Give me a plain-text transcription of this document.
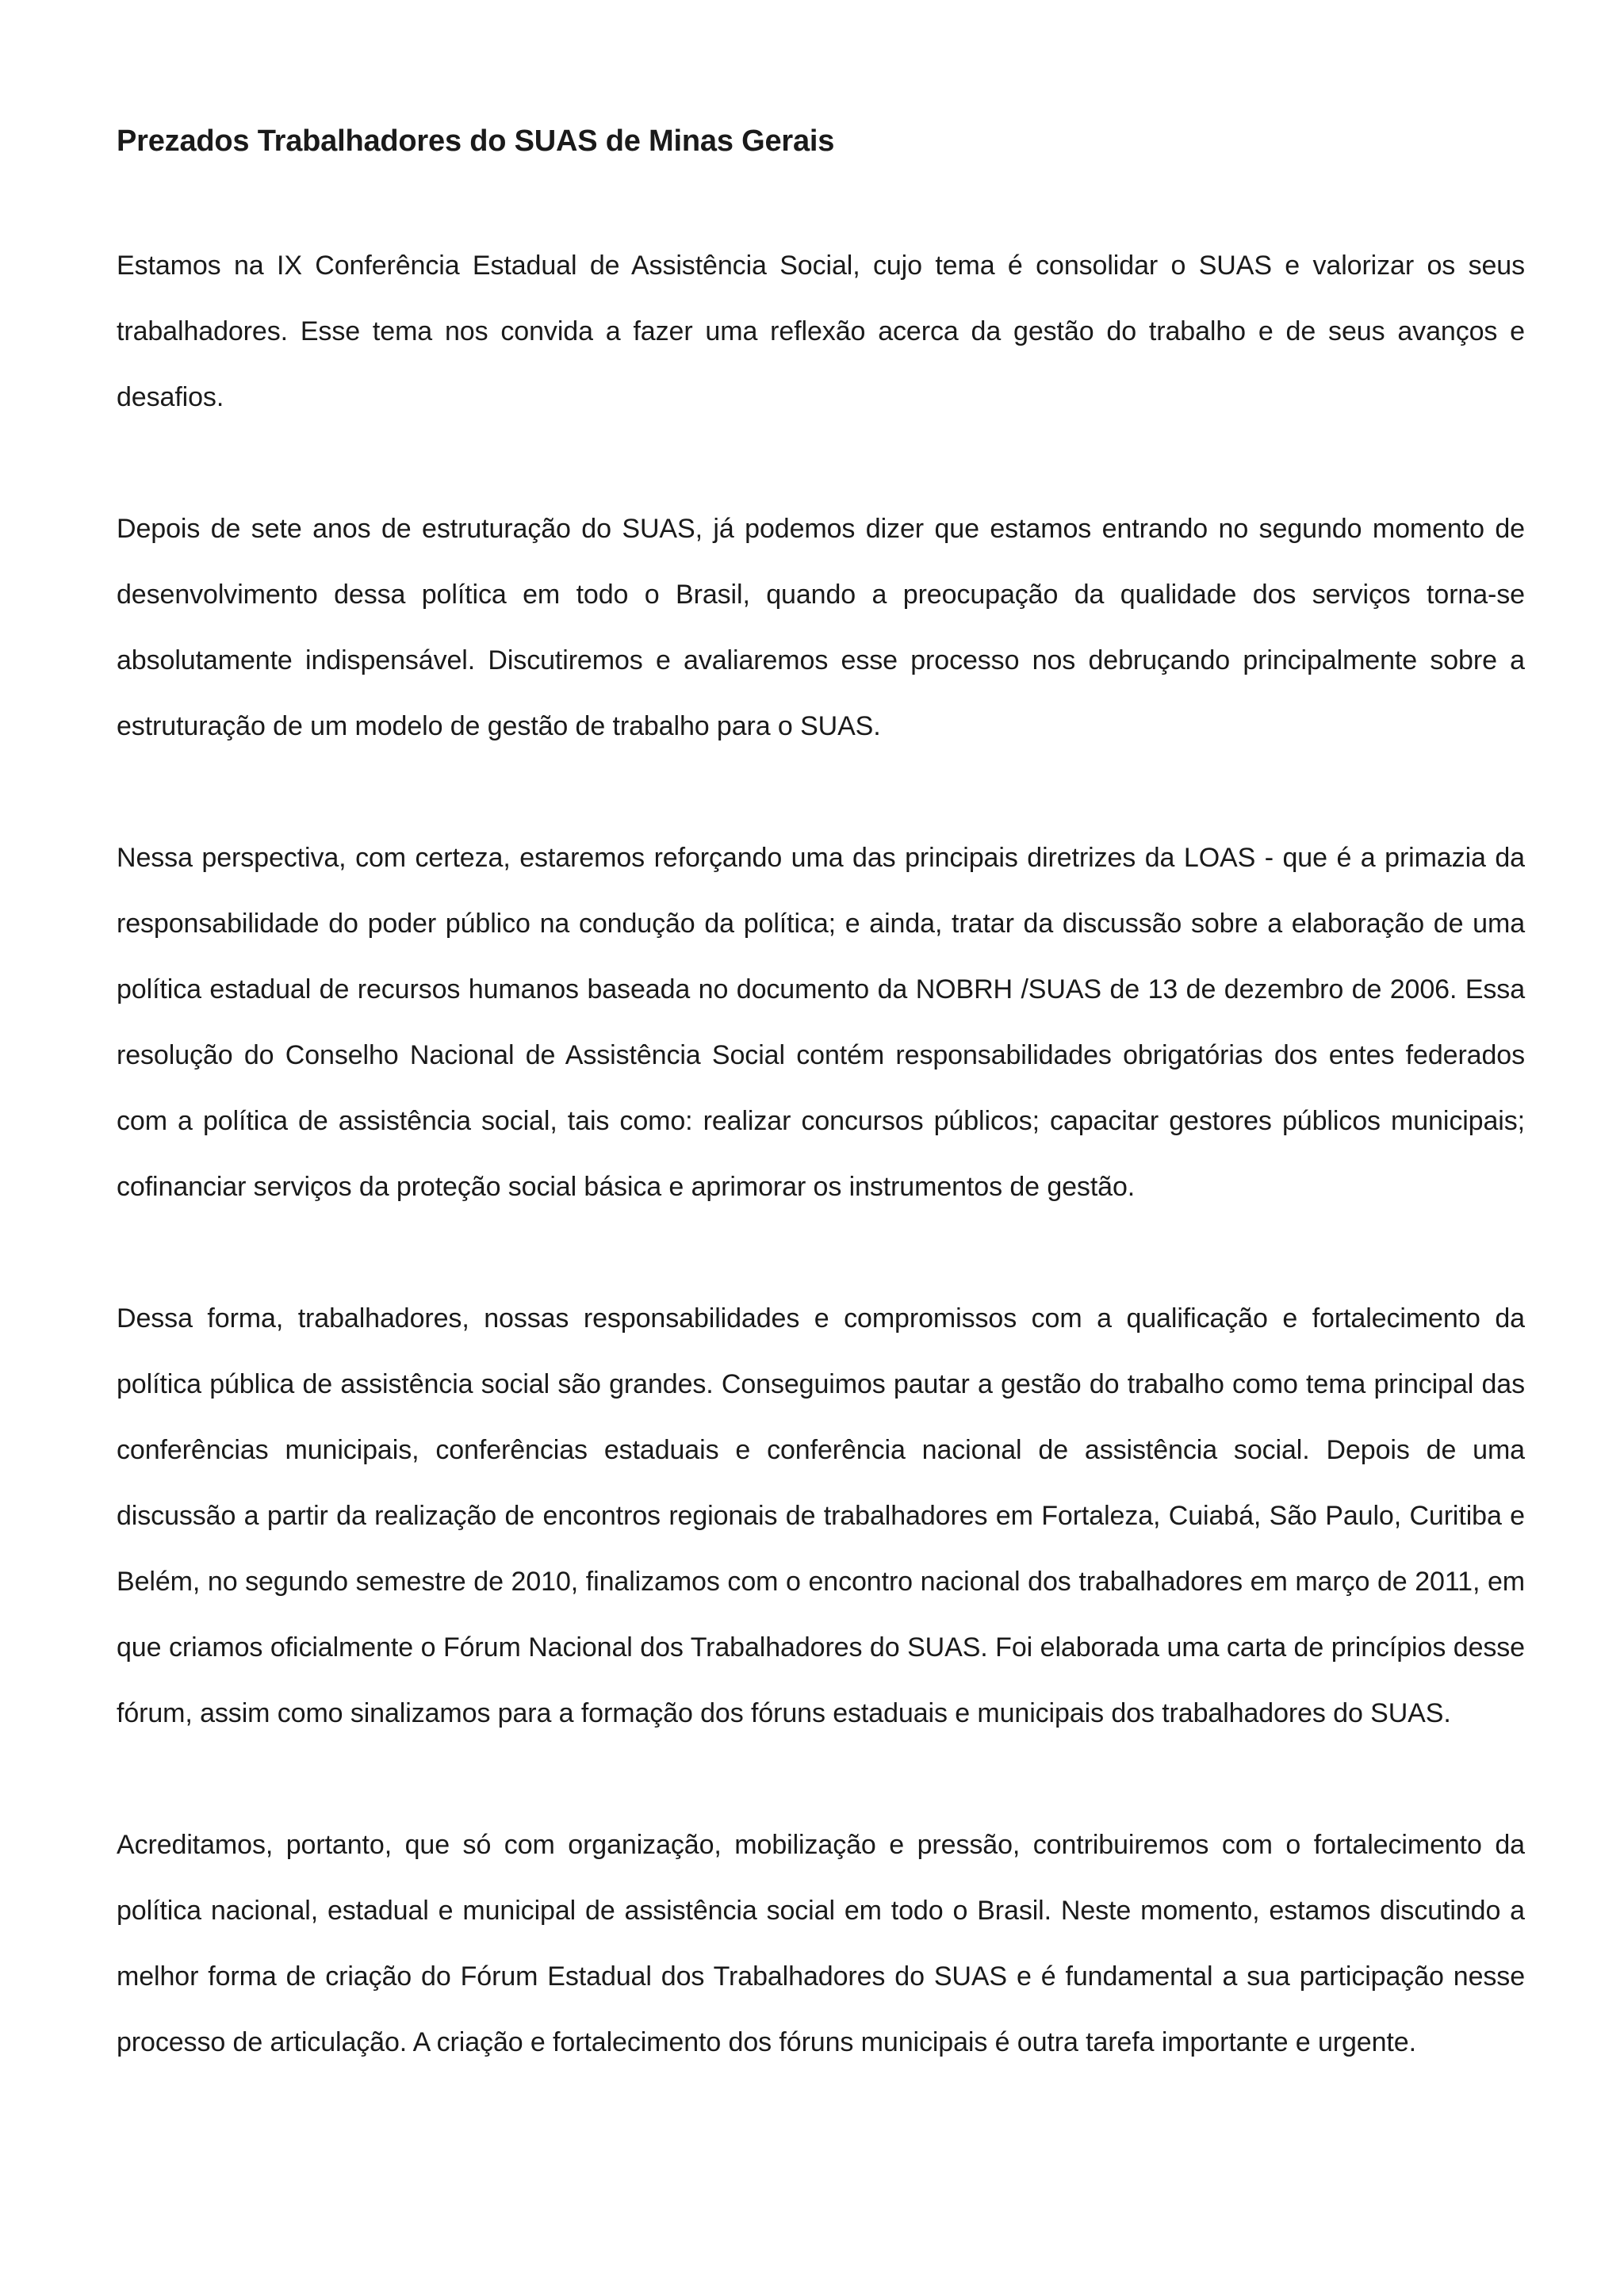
Prezados Trabalhadores do SUAS de Minas Gerais

Estamos na IX Conferência Estadual de Assistência Social, cujo tema é consolidar o SUAS e valorizar os seus trabalhadores. Esse tema nos convida a fazer uma reflexão acerca da gestão do trabalho e de seus avanços e desafios.

Depois de sete anos de estruturação do SUAS, já podemos dizer que estamos entrando no segundo momento de desenvolvimento dessa política em todo o Brasil, quando a preocupação da qualidade dos serviços torna-se absolutamente indispensável. Discutiremos e avaliaremos esse processo nos debruçando principalmente sobre a estruturação de um modelo de gestão de trabalho para o SUAS.

Nessa perspectiva, com certeza, estaremos reforçando uma das principais diretrizes da LOAS - que é a primazia da responsabilidade do poder público na condução da política; e ainda, tratar da discussão sobre a elaboração de uma política estadual de recursos humanos baseada no documento da NOBRH /SUAS de 13 de dezembro de 2006. Essa resolução do Conselho Nacional de Assistência Social contém responsabilidades obrigatórias dos entes federados com a política de assistência social, tais como: realizar concursos públicos; capacitar gestores públicos municipais; cofinanciar serviços da proteção social básica e aprimorar os instrumentos de gestão.

Dessa forma, trabalhadores, nossas responsabilidades e compromissos com a qualificação e fortalecimento da política pública de assistência social são grandes. Conseguimos pautar a gestão do trabalho como tema principal das conferências municipais, conferências estaduais e conferência nacional de assistência social. Depois de uma discussão a partir da realização de encontros regionais de trabalhadores em Fortaleza, Cuiabá, São Paulo, Curitiba e Belém, no segundo semestre de 2010, finalizamos com o encontro nacional dos trabalhadores em março de 2011, em que criamos oficialmente o Fórum Nacional dos Trabalhadores do SUAS. Foi elaborada uma carta de princípios desse fórum, assim como sinalizamos para a formação dos fóruns estaduais e municipais dos trabalhadores do SUAS.

Acreditamos, portanto, que só com organização, mobilização e pressão, contribuiremos com o fortalecimento da política nacional, estadual e municipal de assistência social em todo o Brasil. Neste momento, estamos discutindo a melhor forma de criação do Fórum Estadual dos Trabalhadores do SUAS e é fundamental a sua participação nesse processo de articulação. A criação e fortalecimento dos fóruns municipais é outra tarefa importante e urgente.
